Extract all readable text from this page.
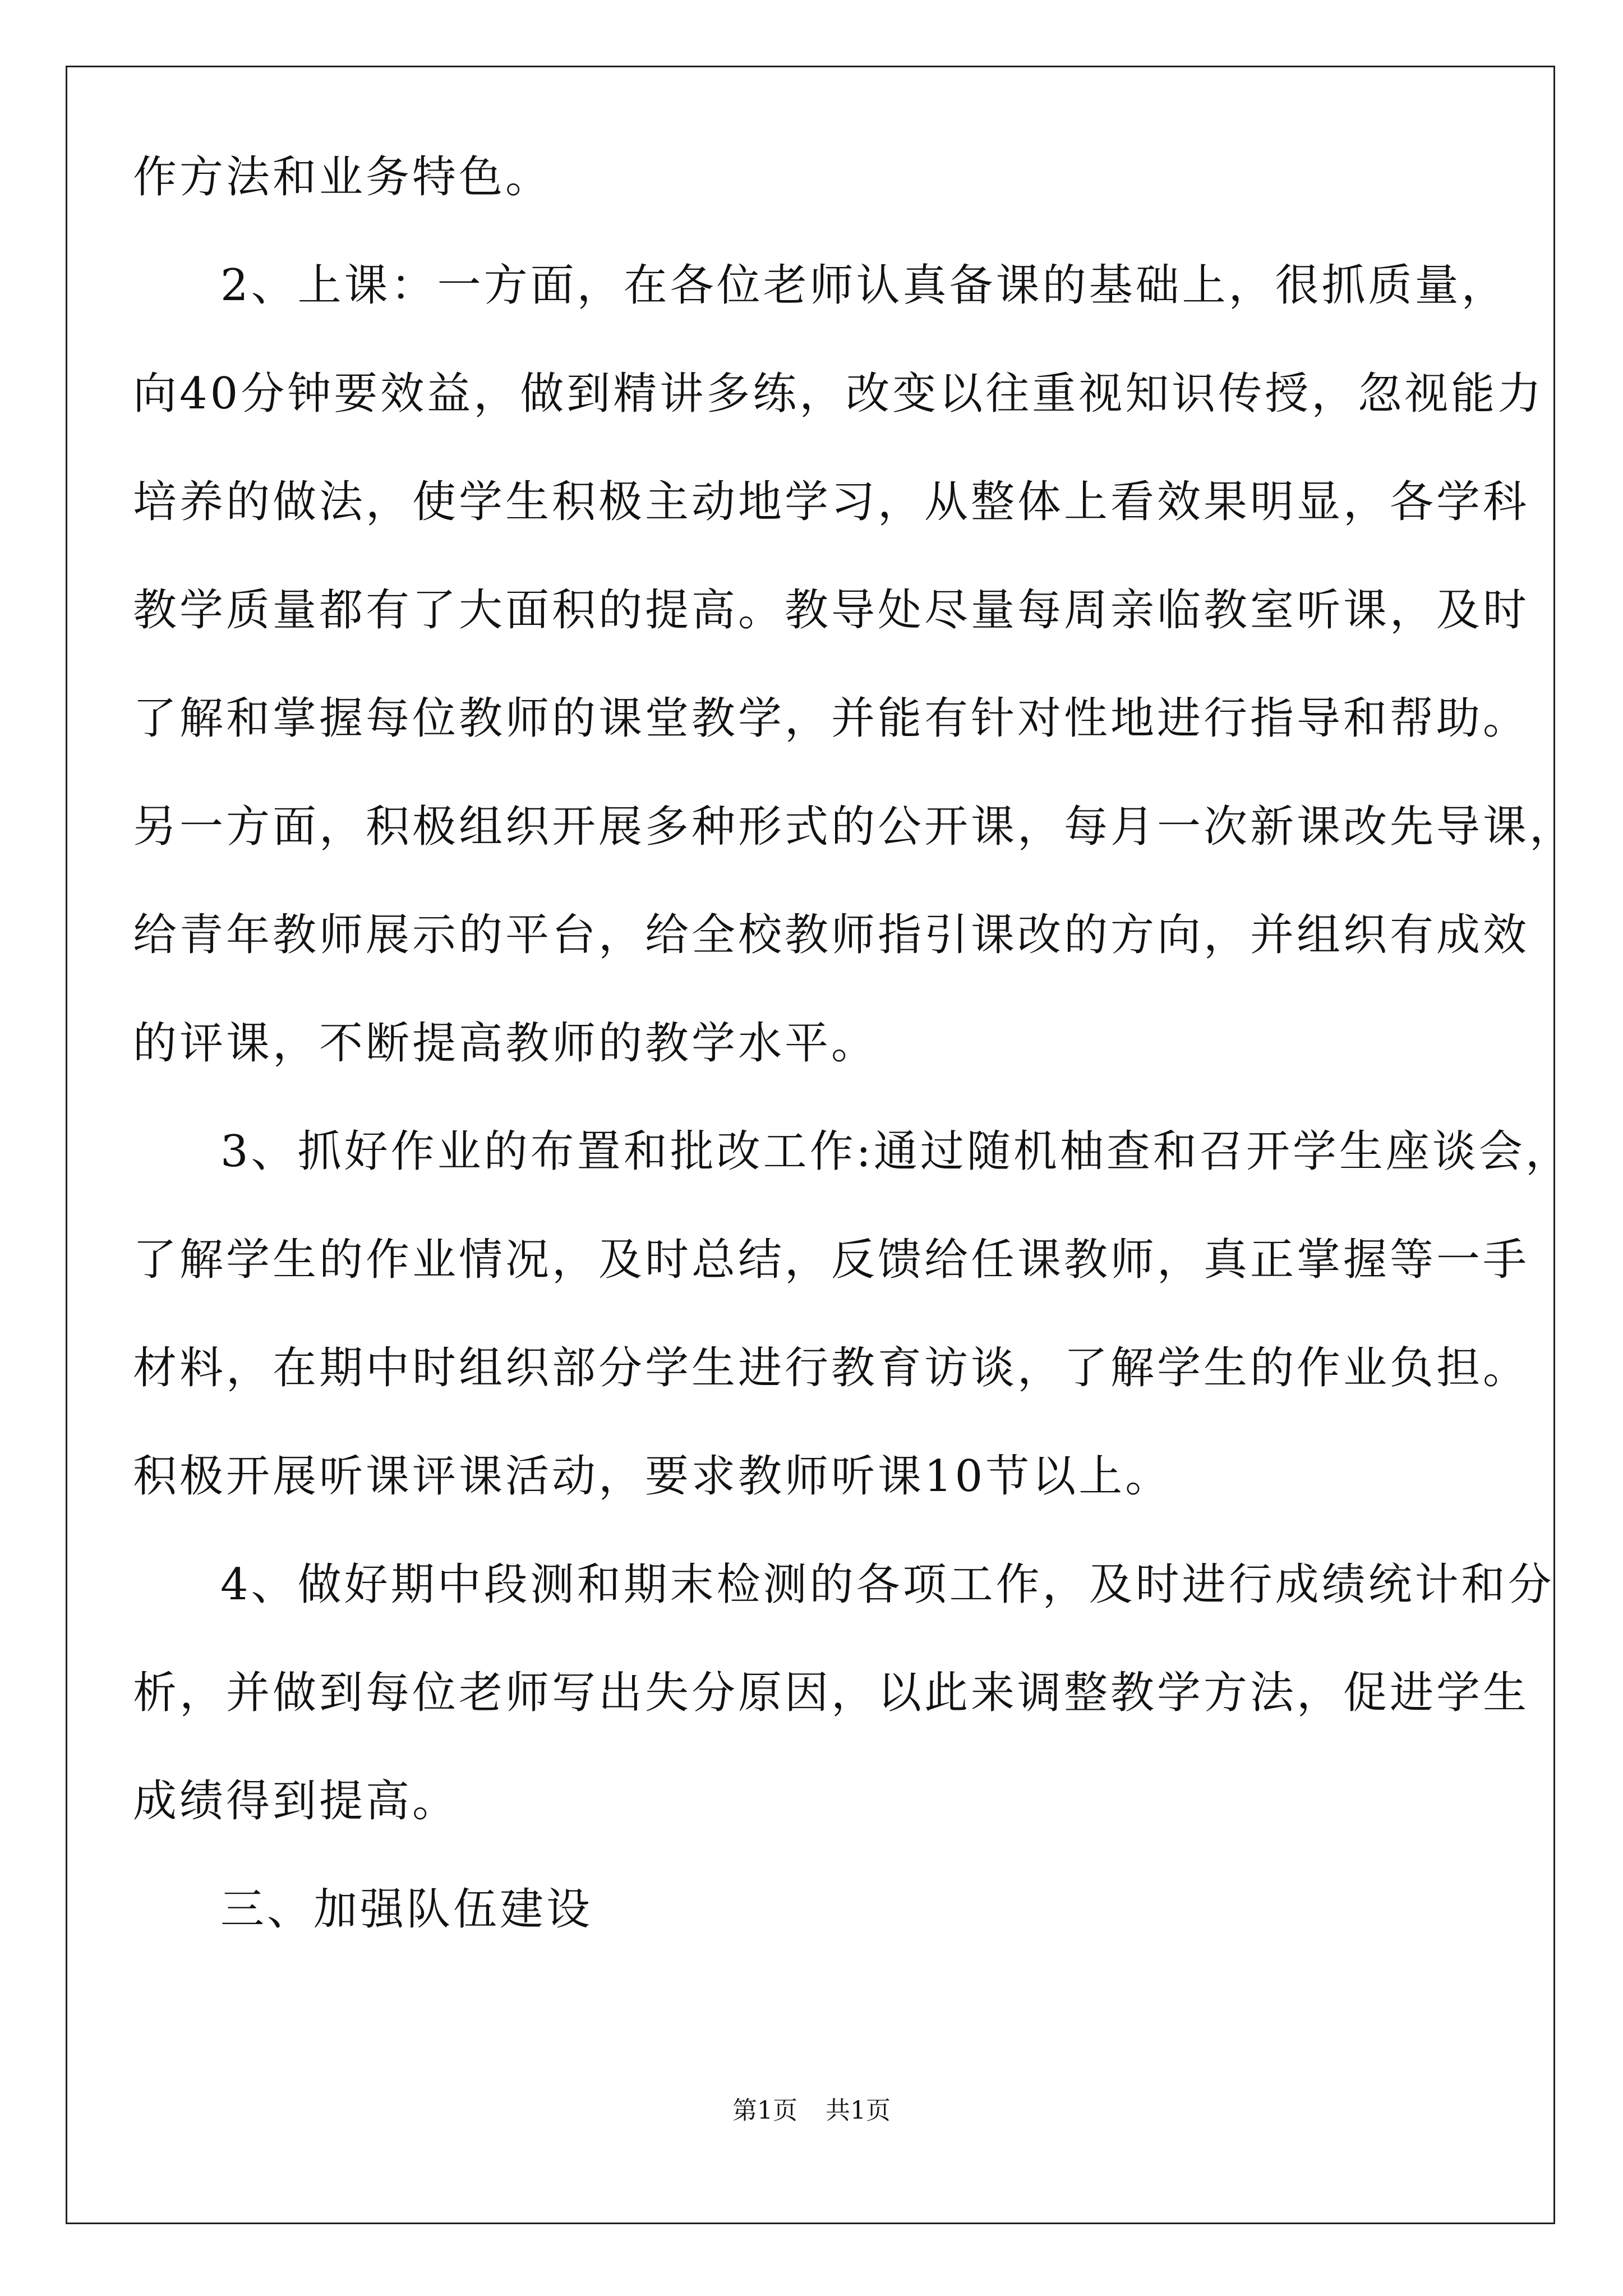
作方法和业务特色。
2、上课：一方面，在各位老师认真备课的基础上，很抓质量，
向40分钟要效益，做到精讲多练，改变以往重视知识传授，忽视能力
培养的做法，使学生积极主动地学习，从整体上看效果明显，各学科
教学质量都有了大面积的提高。教导处尽量每周亲临教室听课，及时
了解和掌握每位教师的课堂教学，并能有针对性地进行指导和帮助。
另一方面，积极组织开展多种形式的公开课，每月一次新课改先导课，
给青年教师展示的平台，给全校教师指引课改的方向，并组织有成效
的评课，不断提高教师的教学水平。
3、抓好作业的布置和批改工作:通过随机柚查和召开学生座谈会，
了解学生的作业情况，及时总结，反馈给任课教师，真正掌握等一手
材料，在期中时组织部分学生进行教育访谈，了解学生的作业负担。
积极开展听课评课活动，要求教师听课10节以上。
4、做好期中段测和期末检测的各项工作，及时进行成绩统计和分
析，并做到每位老师写出失分原因，以此来调整教学方法，促进学生
成绩得到提高。
三、加强队伍建设
第1页 共1页
